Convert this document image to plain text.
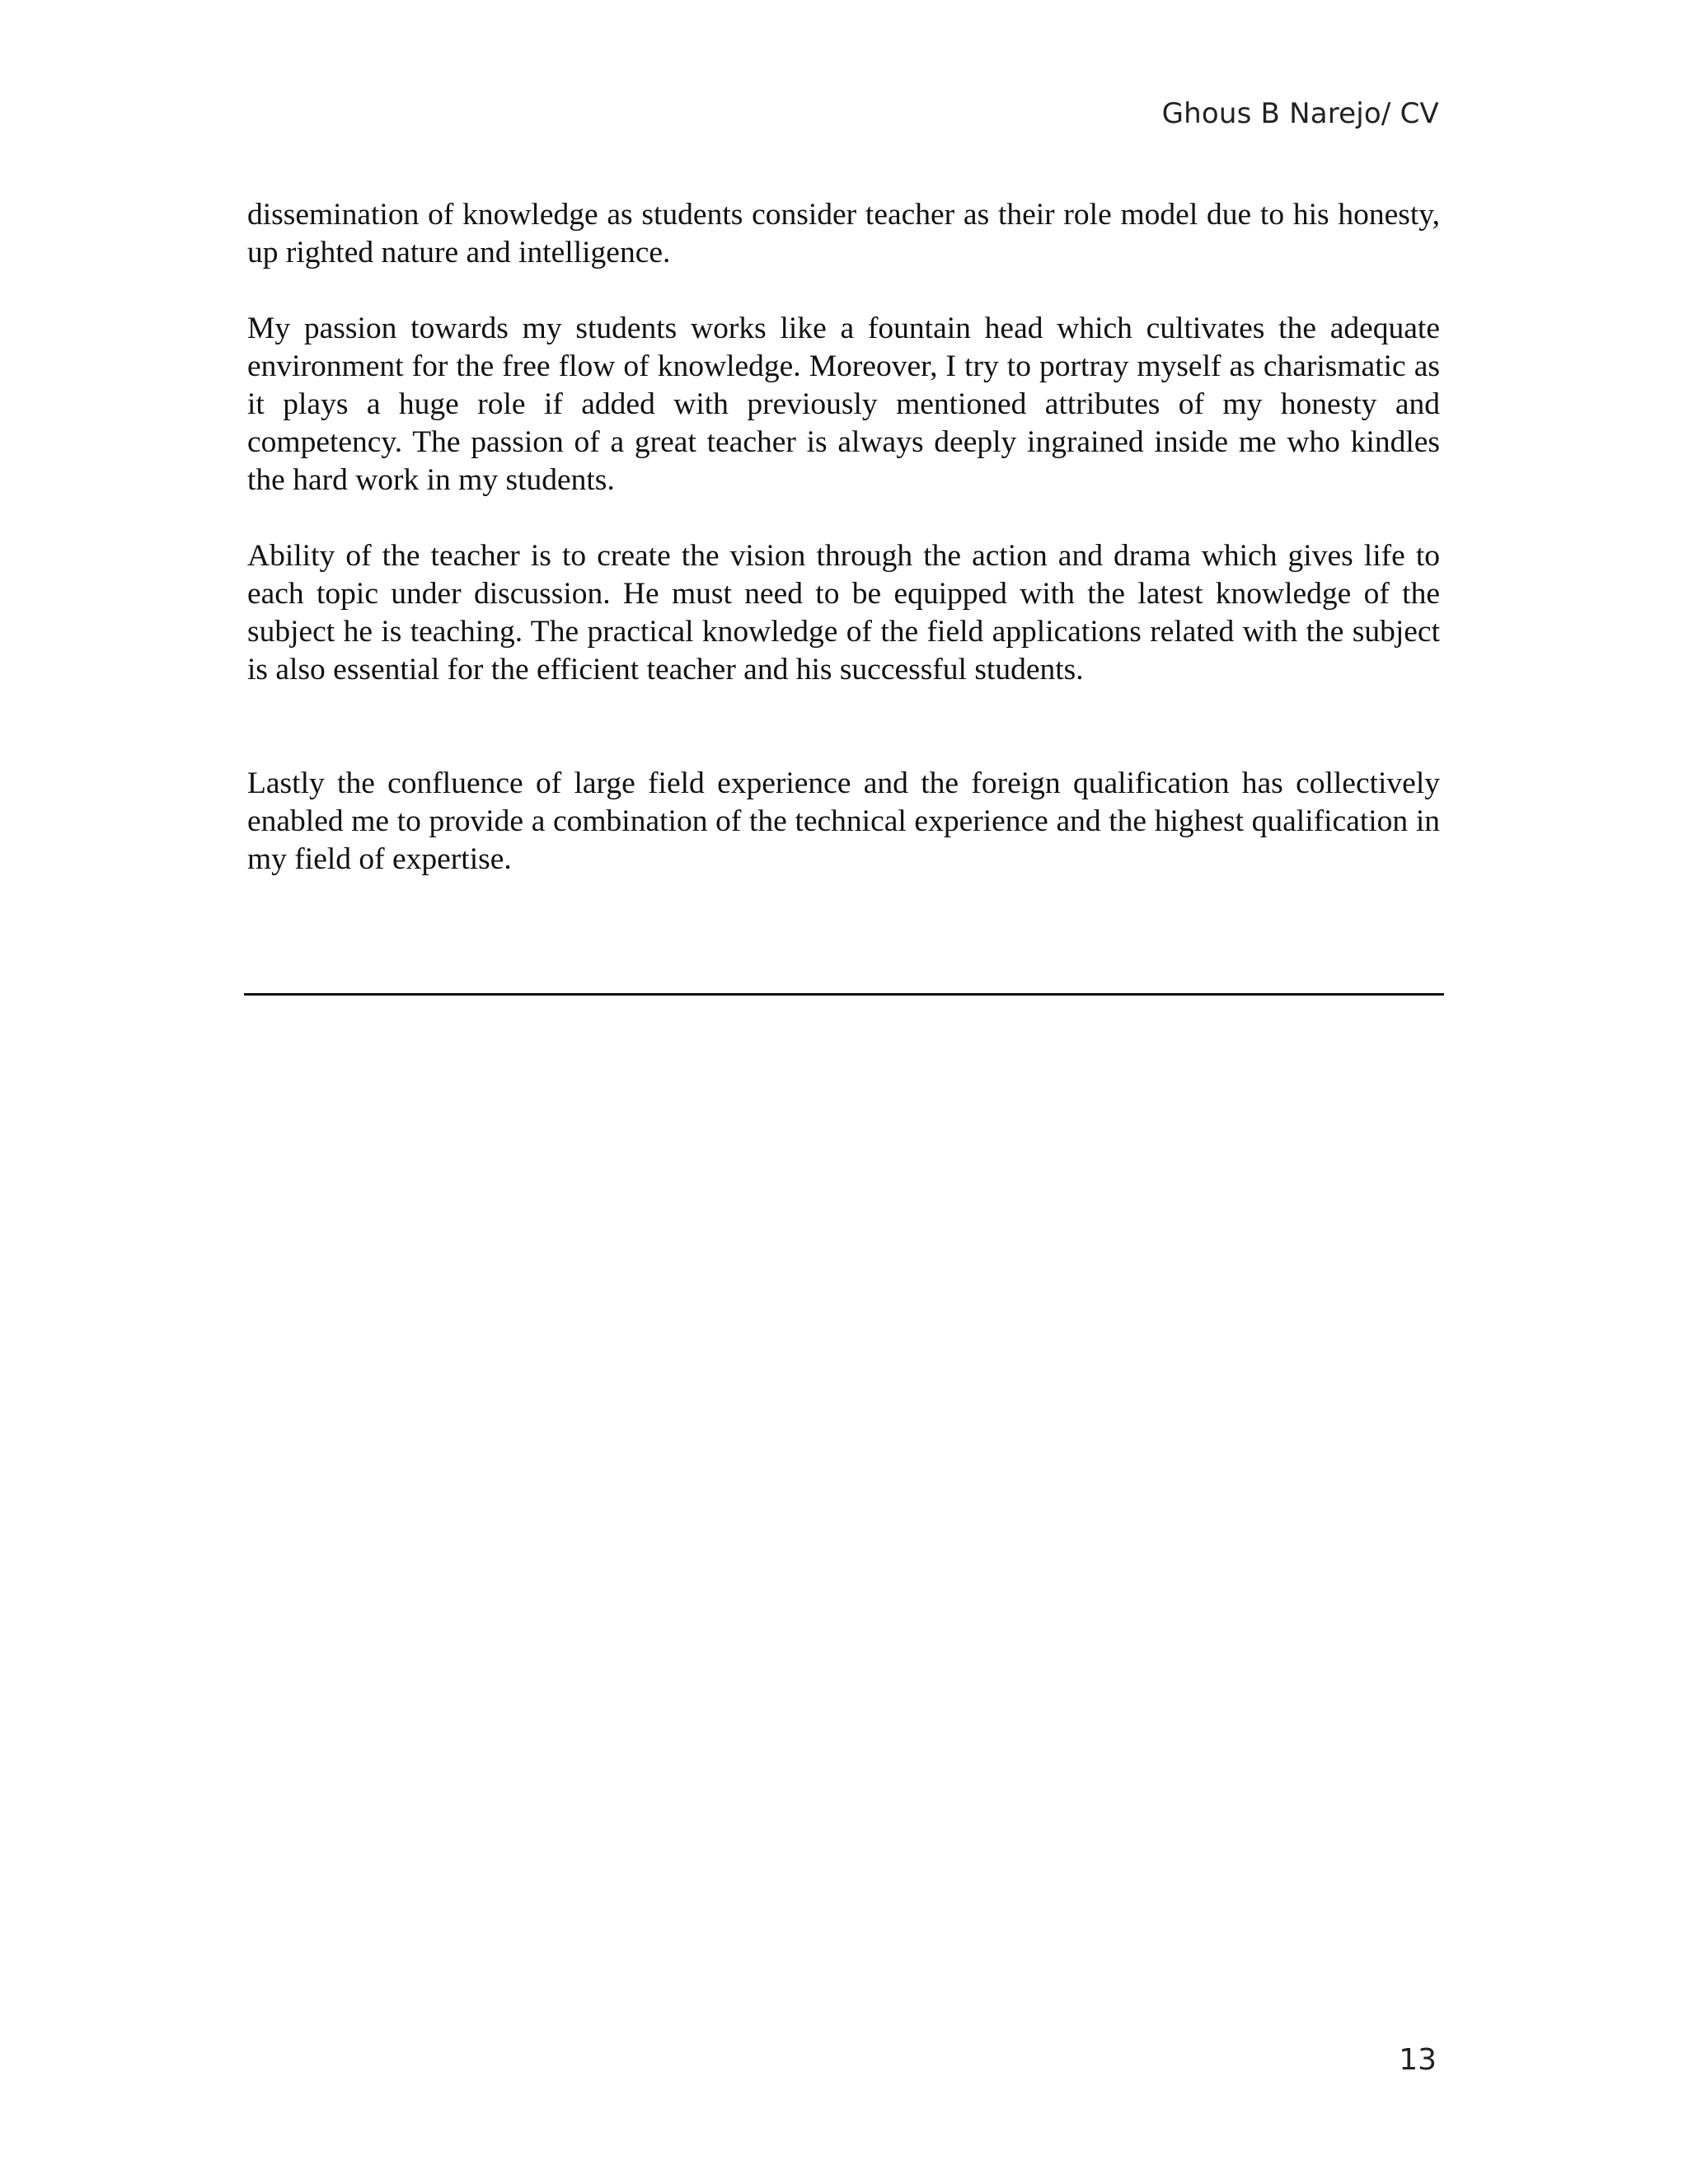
Ghous B Narejo/ CV

dissemination of knowledge as students consider teacher as their role model due to his honesty, up righted nature and intelligence.

My passion towards my students works like a fountain head which cultivates the adequate environment for the free flow of knowledge. Moreover, I try to portray myself as charismatic as it plays a huge role if added with previously mentioned attributes of my honesty and competency. The passion of a great teacher is always deeply ingrained inside me who kindles the hard work in my students.

Ability of the teacher is to create the vision through the action and drama which gives life to each topic under discussion. He must need to be equipped with the latest knowledge of the subject he is teaching. The practical knowledge of the field applications related with the subject is also essential for the efficient teacher and his successful students.

Lastly the confluence of large field experience and the foreign qualification has collectively enabled me to provide a combination of the technical experience and the highest qualification in my field of expertise.

13
